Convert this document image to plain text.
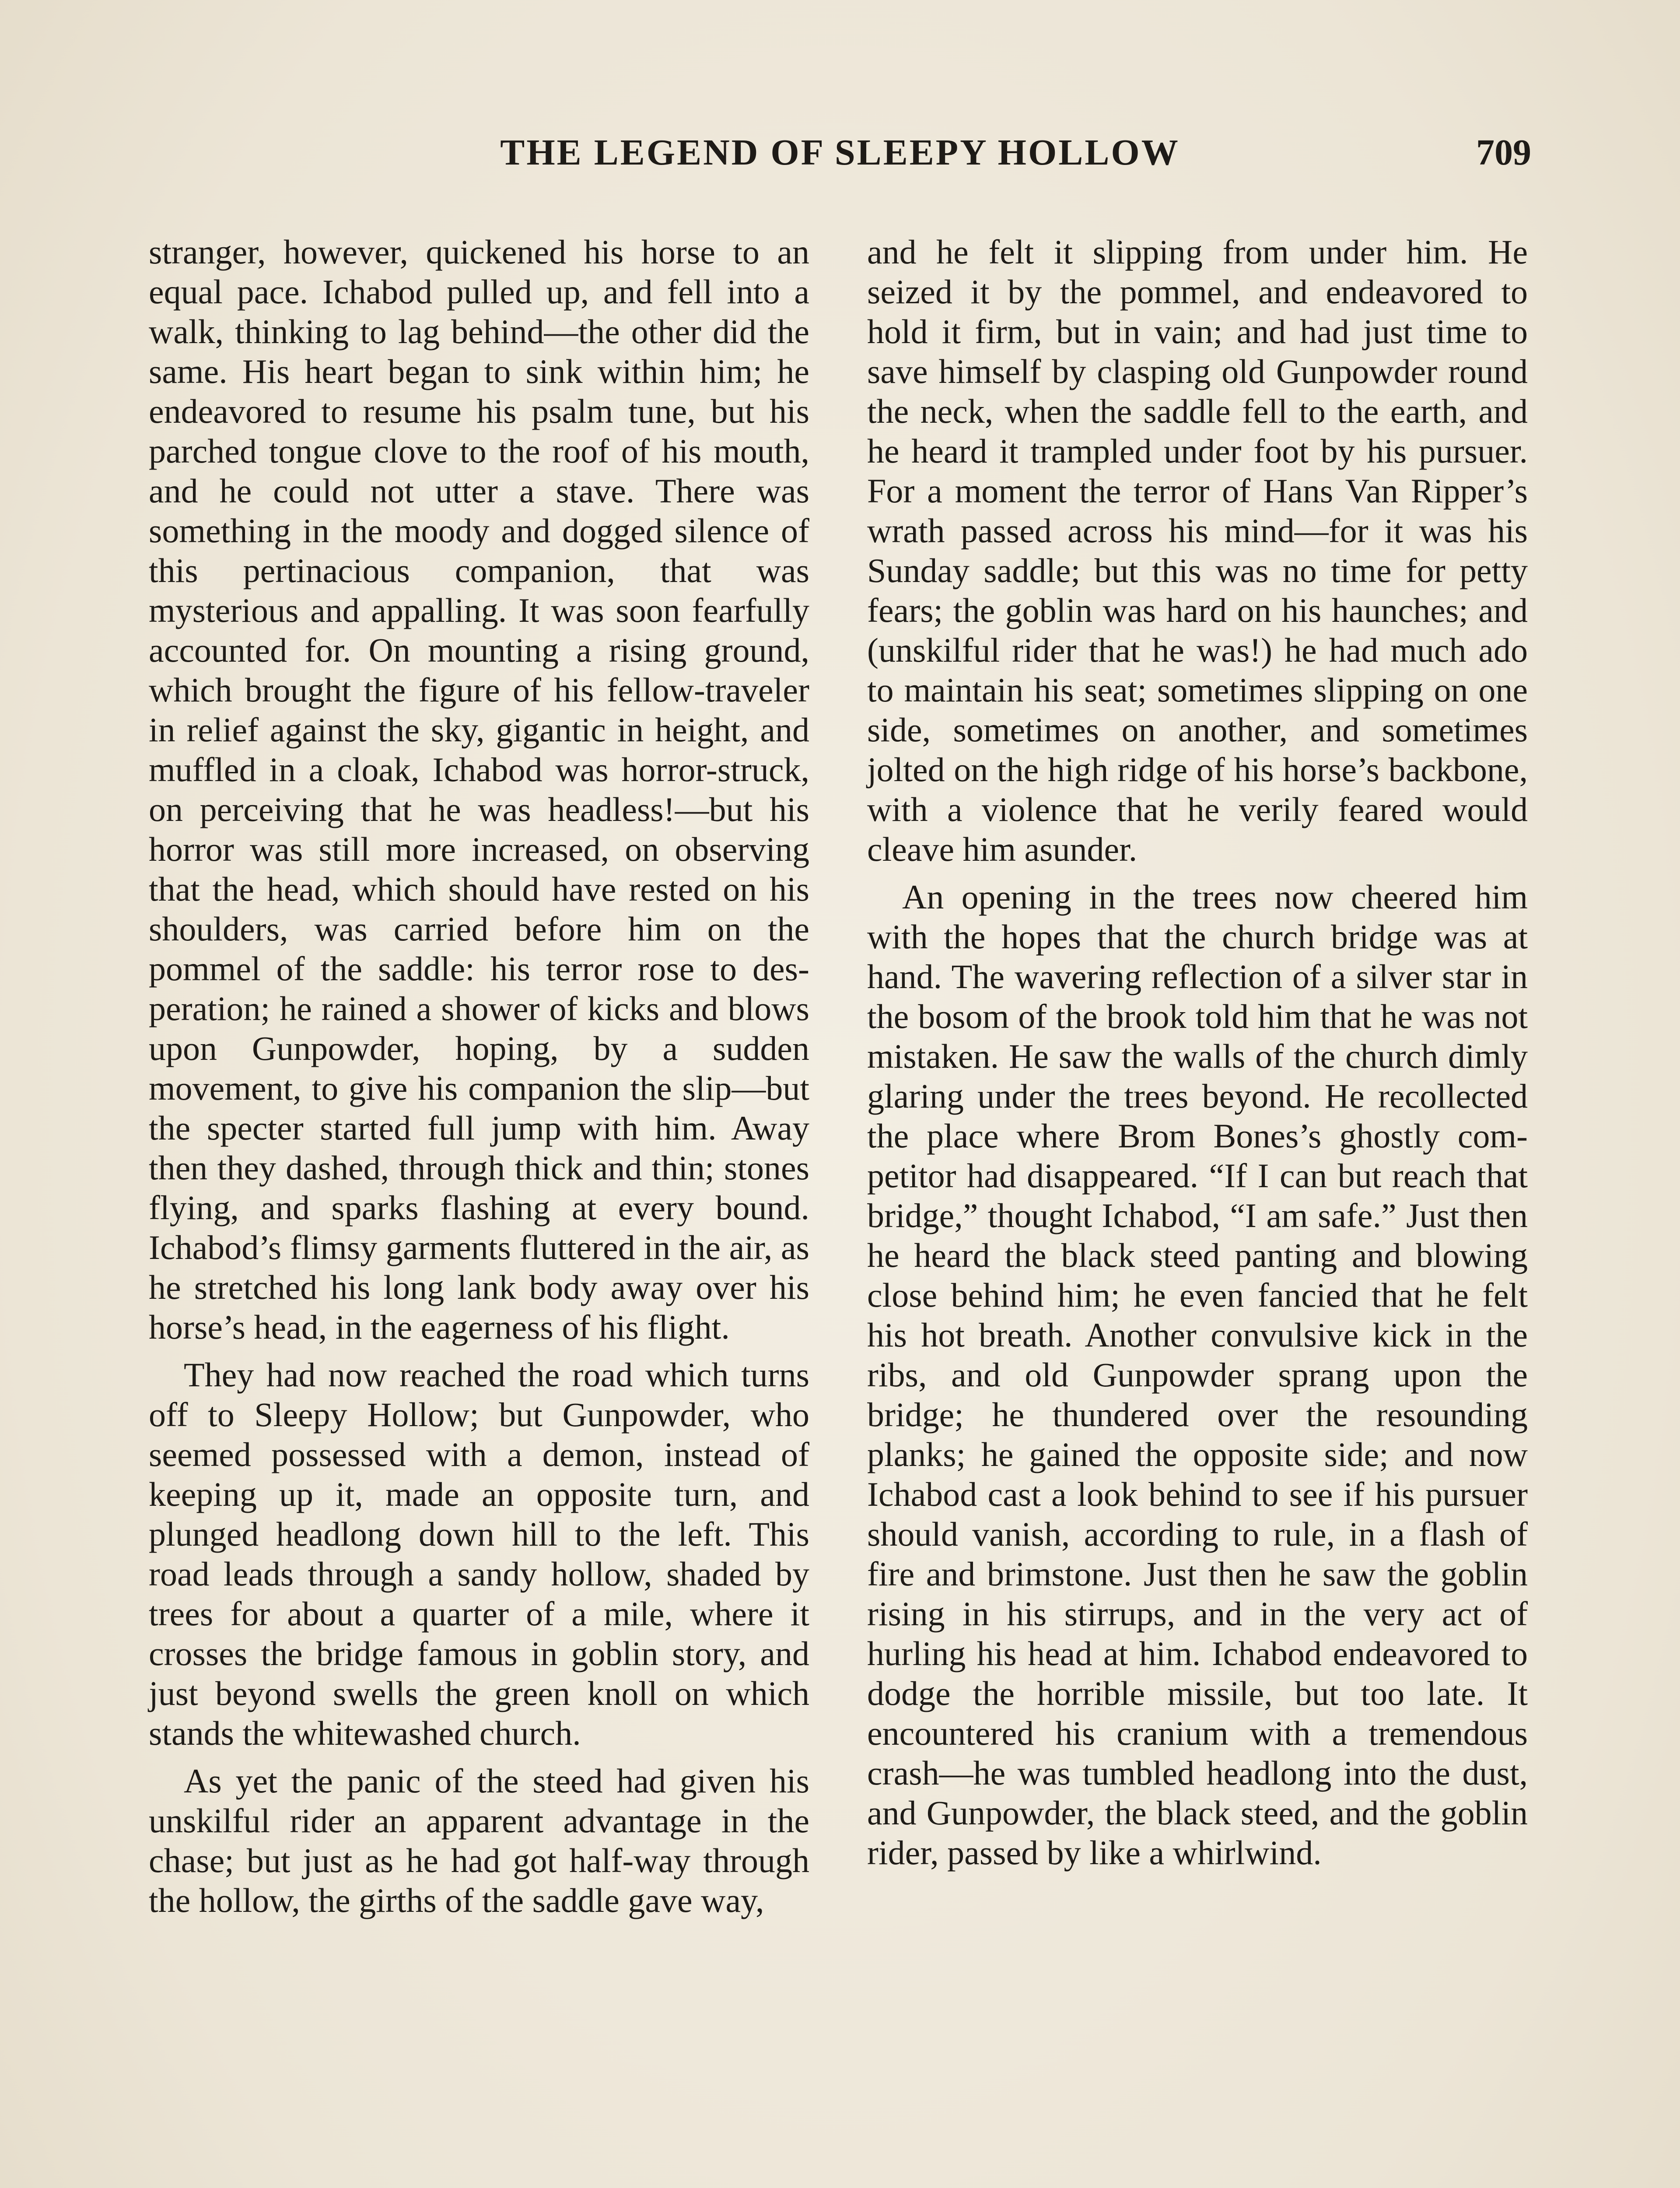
THE LEGEND OF SLEEPY HOLLOW	709

stranger, however, quickened his horse to an equal pace. Ichabod pulled up, and fell into a walk, thinking to lag behind—the other did the same. His heart began to sink within him; he endeavored to resume his psalm tune, but his parched tongue clove to the roof of his mouth, and he could not utter a stave. There was something in the moody and dogged silence of this pertinacious companion, that was mysterious and appalling. It was soon fearfully accounted for. On mounting a rising ground, which brought the figure of his fellow-traveler in relief against the sky, gigantic in height, and muffled in a cloak, Ichabod was horror-struck, on perceiving that he was headless!—but his horror was still more increased, on observing that the head, which should have rested on his shoulders, was carried before him on the pommel of the saddle: his terror rose to desperation; he rained a shower of kicks and blows upon Gunpowder, hoping, by a sudden movement, to give his companion the slip—but the specter started full jump with him. Away then they dashed, through thick and thin; stones flying, and sparks flashing at every bound. Ichabod’s flimsy garments fluttered in the air, as he stretched his long lank body away over his horse’s head, in the eagerness of his flight.

They had now reached the road which turns off to Sleepy Hollow; but Gunpowder, who seemed possessed with a demon, instead of keeping up it, made an opposite turn, and plunged headlong down hill to the left. This road leads through a sandy hollow, shaded by trees for about a quarter of a mile, where it crosses the bridge famous in goblin story, and just beyond swells the green knoll on which stands the whitewashed church.

As yet the panic of the steed had given his unskilful rider an apparent advantage in the chase; but just as he had got half-way through the hollow, the girths of the saddle gave way,

and he felt it slipping from under him. He seized it by the pommel, and endeavored to hold it firm, but in vain; and had just time to save himself by clasping old Gunpowder round the neck, when the saddle fell to the earth, and he heard it trampled under foot by his pursuer. For a moment the terror of Hans Van Ripper’s wrath passed across his mind—for it was his Sunday saddle; but this was no time for petty fears; the goblin was hard on his haunches; and (unskilful rider that he was!) he had much ado to maintain his seat; sometimes slipping on one side, sometimes on another, and sometimes jolted on the high ridge of his horse’s backbone, with a violence that he verily feared would cleave him asunder.

An opening in the trees now cheered him with the hopes that the church bridge was at hand. The wavering reflection of a silver star in the bosom of the brook told him that he was not mistaken. He saw the walls of the church dimly glaring under the trees beyond. He recollected the place where Brom Bones’s ghostly competitor had disappeared. “If I can but reach that bridge,” thought Ichabod, “I am safe.” Just then he heard the black steed panting and blowing close behind him; he even fancied that he felt his hot breath. Another convulsive kick in the ribs, and old Gunpowder sprang upon the bridge; he thundered over the resounding planks; he gained the opposite side; and now Ichabod cast a look behind to see if his pursuer should vanish, according to rule, in a flash of fire and brimstone. Just then he saw the goblin rising in his stirrups, and in the very act of hurling his head at him. Ichabod endeavored to dodge the horrible missile, but too late. It encountered his cranium with a tremendous crash—he was tumbled headlong into the dust, and Gunpowder, the black steed, and the goblin rider, passed by like a whirlwind.
